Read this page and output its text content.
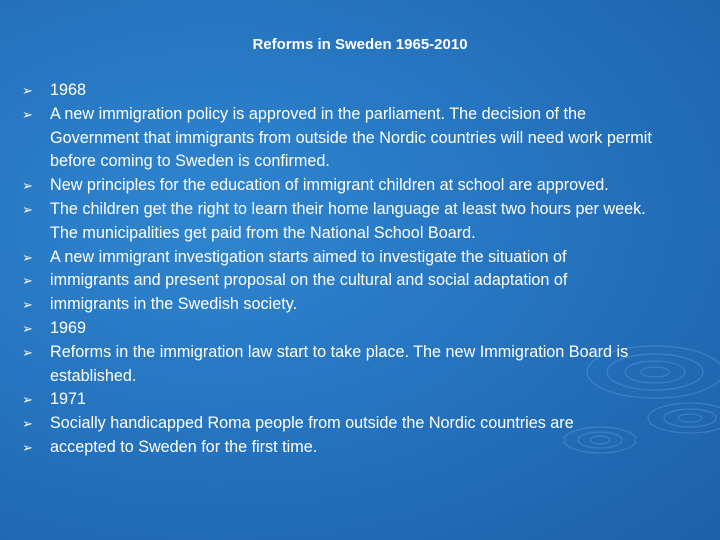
Reforms in Sweden 1965-2010
➢ 1968
➢ A new immigration policy is approved in the parliament. The decision of the Government that immigrants from outside the Nordic countries will need work permit before coming to Sweden is confirmed.
➢ New principles for the education of immigrant children at school are approved.
➢ The children get the right to learn their home language at least two hours per week. The municipalities get paid from the National School Board.
➢ A new immigrant investigation starts aimed to investigate the situation of
➢ immigrants and present proposal on the cultural and social adaptation of
➢ immigrants in the Swedish society.
➢ 1969
➢ Reforms in the immigration law start to take place. The new Immigration Board is established.
➢ 1971
➢ Socially handicapped Roma people from outside the Nordic countries are
➢ accepted to Sweden for the first time.
